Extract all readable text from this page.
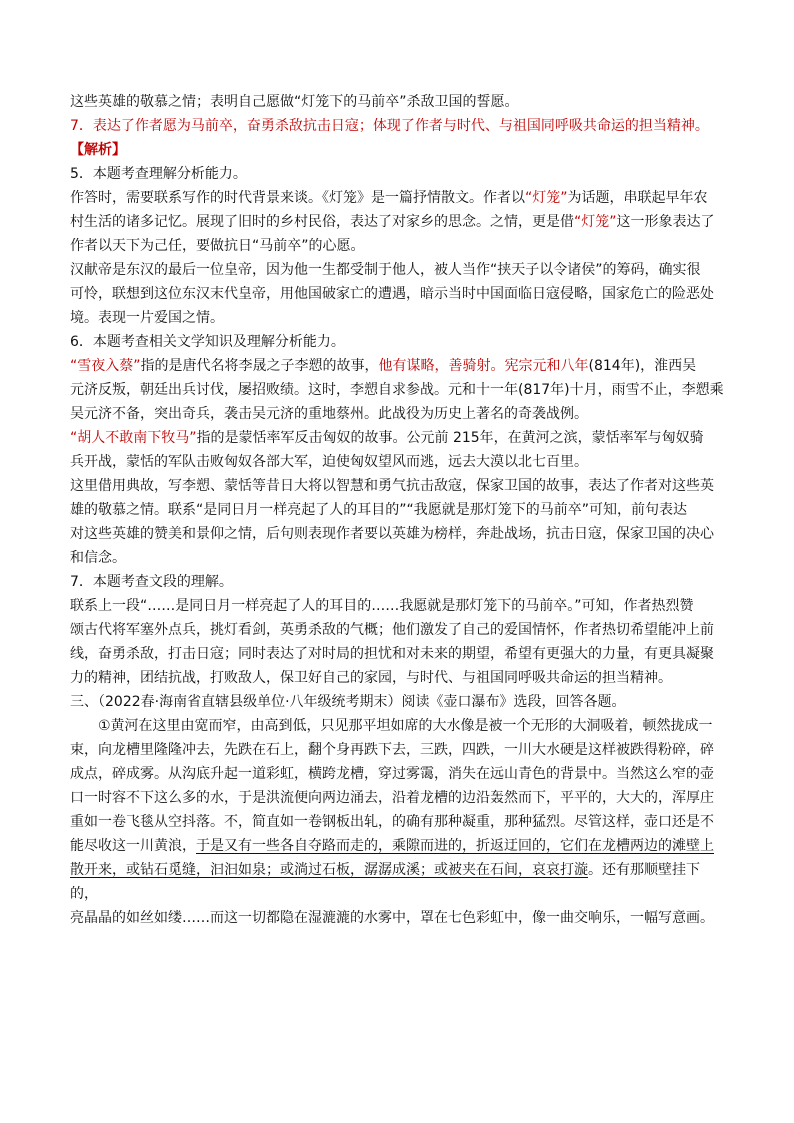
这些英雄的敬慕之情；表明自己愿做“灯笼下的马前卒”杀敌卫国的誓愿。

7．表达了作者愿为马前卒，奋勇杀敌抗击日寇；体现了作者与时代、与祖国同呼吸共命运的担当精神。

【解析】

5．本题考查理解分析能力。

作答时，需要联系写作的时代背景来谈。《灯笼》是一篇抒情散文。作者以“灯笼”为话题，串联起早年农

村生活的诸多记忆。展现了旧时的乡村民俗，表达了对家乡的思念。之情，更是借“灯笼”这一形象表达了

作者以天下为己任，要做抗日“马前卒”的心愿。

汉献帝是东汉的最后一位皇帝，因为他一生都受制于他人，被人当作“挟天子以令诸侯”的筹码，确实很

可怜，联想到这位东汉末代皇帝，用他国破家亡的遭遇，暗示当时中国面临日寇侵略，国家危亡的险恶处

境。表现一片爱国之情。

6．本题考查相关文学知识及理解分析能力。

“雪夜入蔡”指的是唐代名将李晟之子李愬的故事，他有谋略，善骑射。宪宗元和八年(814年)，淮西吴

元济反叛，朝廷出兵讨伐，屡招败绩。这时，李愬自求参战。元和十一年(817年)十月，雨雪不止，李愬乘

吴元济不备，突出奇兵，袭击吴元济的重地蔡州。此战役为历史上著名的奇袭战例。

“胡人不敢南下牧马”指的是蒙恬率军反击匈奴的故事。公元前 215年，在黄河之滨，蒙恬率军与匈奴骑

兵开战，蒙恬的军队击败匈奴各部大军，迫使匈奴望风而逃，远去大漠以北七百里。

这里借用典故，写李愬、蒙恬等昔日大将以智慧和勇气抗击敌寇，保家卫国的故事，表达了作者对这些英

雄的敬慕之情。联系“是同日月一样亮起了人的耳目的”“我愿就是那灯笼下的马前卒”可知，前句表达

对这些英雄的赞美和景仰之情，后句则表现作者要以英雄为榜样，奔赴战场，抗击日寇，保家卫国的决心

和信念。

7．本题考查文段的理解。

联系上一段“……是同日月一样亮起了人的耳目的……我愿就是那灯笼下的马前卒。”可知，作者热烈赞

颂古代将军塞外点兵，挑灯看剑，英勇杀敌的气概；他们激发了自己的爱国情怀，作者热切希望能冲上前

线，奋勇杀敌，打击日寇；同时表达了对时局的担忧和对未来的期望，希望有更强大的力量，有更具凝聚

力的精神，团结抗战，打败敌人，保卫好自己的家园，与时代、与祖国同呼吸共命运的担当精神。

三、（2022春·海南省直辖县级单位·八年级统考期末）阅读《壶口瀑布》选段，回答各题。

①黄河在这里由宽而窄，由高到低，只见那平坦如席的大水像是被一个无形的大洞吸着，顿然拢成一

束，向龙槽里隆隆冲去，先跌在石上，翻个身再跌下去，三跌，四跌，一川大水硬是这样被跌得粉碎，碎

成点，碎成雾。从沟底升起一道彩虹，横跨龙槽，穿过雾霭，消失在远山青色的背景中。当然这么窄的壶

口一时容不下这么多的水，于是洪流便向两边涌去，沿着龙槽的边沿轰然而下，平平的，大大的，浑厚庄

重如一卷飞毯从空抖落。不，简直如一卷钢板出轧，的确有那种凝重，那种猛烈。尽管这样，壶口还是不

能尽收这一川黄浪，于是又有一些各自夺路而走的，乘隙而进的，折返迂回的，它们在龙槽两边的滩壁上

散开来，或钻石觅缝，汩汩如泉；或淌过石板，潺潺成溪；或被夹在石间，哀哀打漩。还有那顺壁挂下的，

亮晶晶的如丝如缕……而这一切都隐在湿漉漉的水雾中，罩在七色彩虹中，像一曲交响乐，一幅写意画。
